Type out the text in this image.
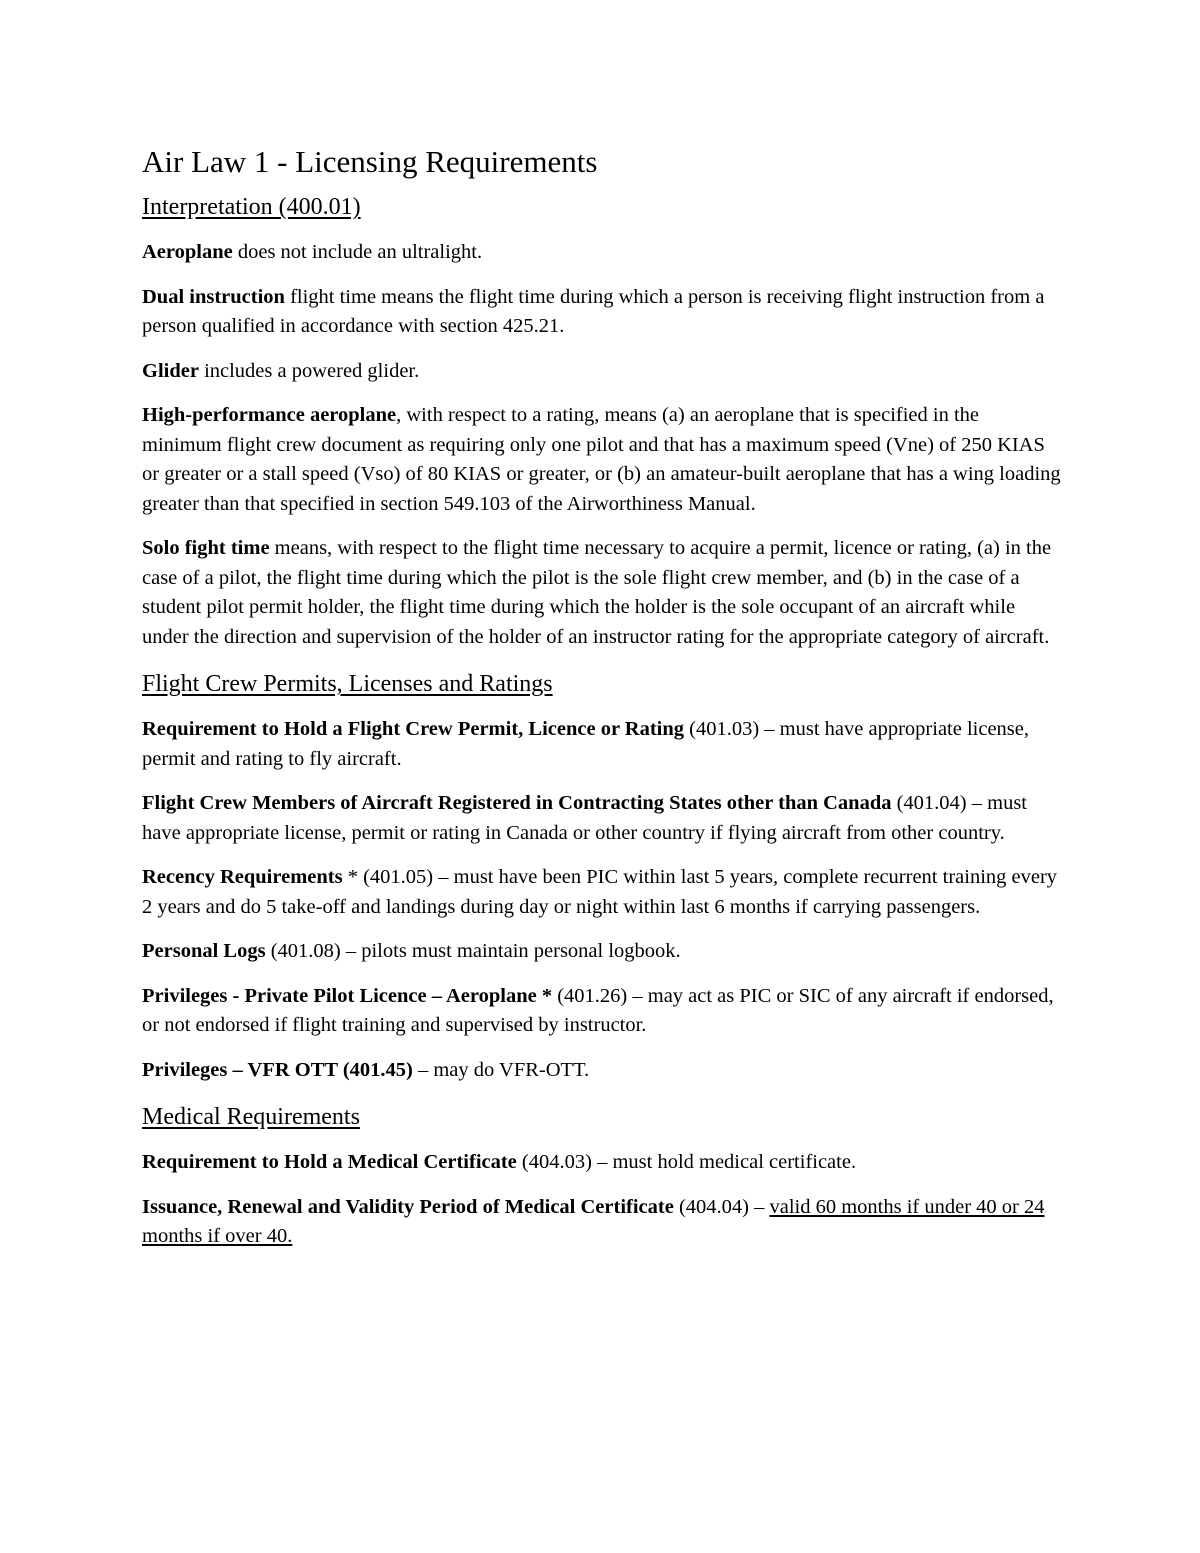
Air Law 1 - Licensing Requirements
Interpretation (400.01)

Aeroplane does not include an ultralight.

Dual instruction flight time means the flight time during which a person is receiving flight instruction from a person qualified in accordance with section 425.21.

Glider includes a powered glider.

High-performance aeroplane, with respect to a rating, means (a) an aeroplane that is specified in the minimum flight crew document as requiring only one pilot and that has a maximum speed (Vne) of 250 KIAS or greater or a stall speed (Vso) of 80 KIAS or greater, or (b) an amateur-built aeroplane that has a wing loading greater than that specified in section 549.103 of the Airworthiness Manual.

Solo fight time means, with respect to the flight time necessary to acquire a permit, licence or rating, (a) in the case of a pilot, the flight time during which the pilot is the sole flight crew member, and (b) in the case of a student pilot permit holder, the flight time during which the holder is the sole occupant of an aircraft while under the direction and supervision of the holder of an instructor rating for the appropriate category of aircraft.

Flight Crew Permits, Licenses and Ratings

Requirement to Hold a Flight Crew Permit, Licence or Rating (401.03) – must have appropriate license, permit and rating to fly aircraft.

Flight Crew Members of Aircraft Registered in Contracting States other than Canada (401.04) – must have appropriate license, permit or rating in Canada or other country if flying aircraft from other country.

Recency Requirements * (401.05) – must have been PIC within last 5 years, complete recurrent training every 2 years and do 5 take-off and landings during day or night within last 6 months if carrying passengers.

Personal Logs (401.08) – pilots must maintain personal logbook.

Privileges - Private Pilot Licence – Aeroplane * (401.26) – may act as PIC or SIC of any aircraft if endorsed, or not endorsed if flight training and supervised by instructor.

Privileges – VFR OTT (401.45) – may do VFR-OTT.

Medical Requirements

Requirement to Hold a Medical Certificate (404.03) – must hold medical certificate.

Issuance, Renewal and Validity Period of Medical Certificate (404.04) – valid 60 months if under 40 or 24 months if over 40.
